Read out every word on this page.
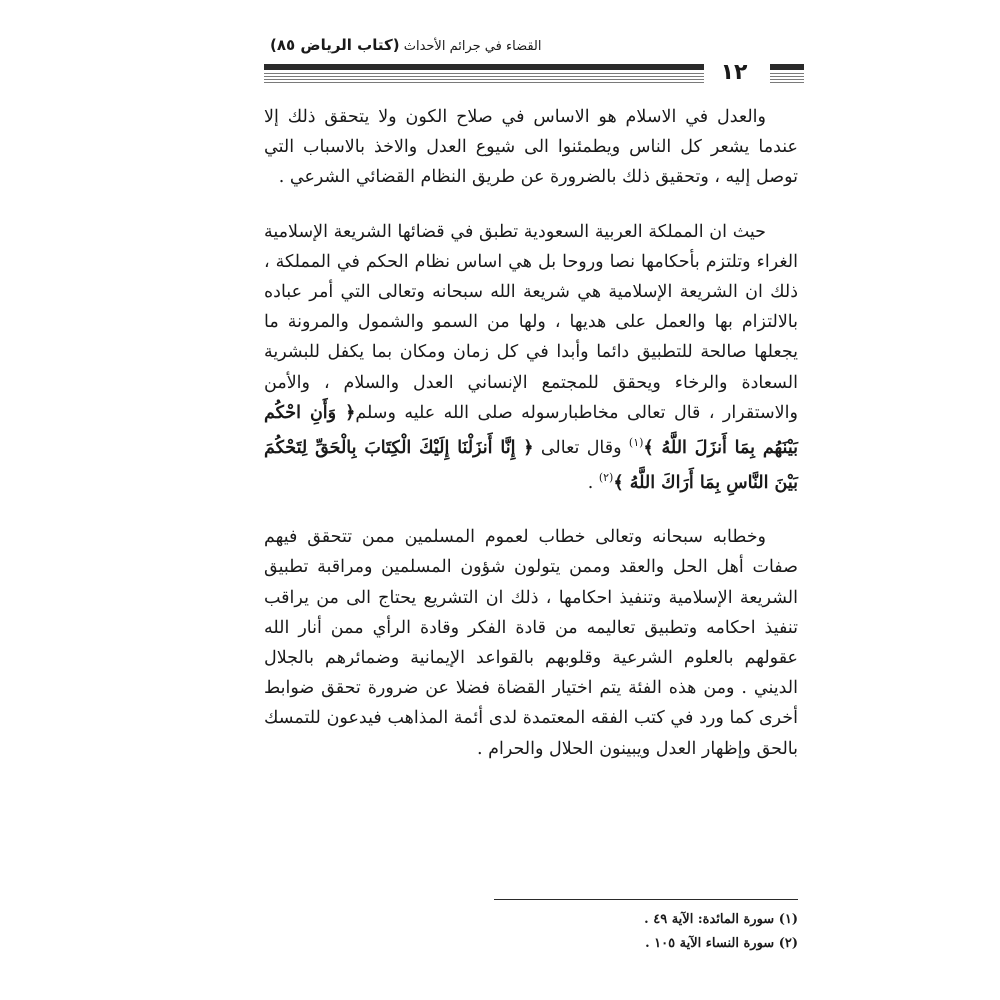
القضاء في جرائم الأحداث (كتاب الرياض ٨٥)
١٢

والعدل في الاسلام هو الاساس في صلاح الكون ولا يتحقق ذلك إلا عندما يشعر كل الناس ويطمئنوا الى شيوع العدل والاخذ بالاسباب التي توصل إليه ، وتحقيق ذلك بالضرورة عن طريق النظام القضائي الشرعي .

حيث ان المملكة العربية السعودية تطبق في قضائها الشريعة الإسلامية الغراء وتلتزم بأحكامها نصا وروحا بل هي اساس نظام الحكم في المملكة ، ذلك ان الشريعة الإسلامية هي شريعة الله سبحانه وتعالى التي أمر عباده بالالتزام بها والعمل على هديها ، ولها من السمو والشمول والمرونة ما يجعلها صالحة للتطبيق دائما وأبدا في كل زمان ومكان بما يكفل للبشرية السعادة والرخاء ويحقق للمجتمع الإنساني العدل والسلام ، والأمن والاستقرار ، قال تعالى مخاطبارسوله صلى الله عليه وسلم﴿ وَأَنِ احْكُم بَيْنَهُم بِمَا أَنزَلَ اللَّهُ ﴾$^{(١)}$ وقال تعالى ﴿ إِنَّا أَنزَلْنَا إِلَيْكَ الْكِتَابَ بِالْحَقِّ لِتَحْكُمَ بَيْنَ النَّاسِ بِمَا أَرَاكَ اللَّهُ ﴾$^{(٢)}$ .

وخطابه سبحانه وتعالى خطاب لعموم المسلمين ممن تتحقق فيهم صفات أهل الحل والعقد وممن يتولون شؤون المسلمين ومراقبة تطبيق الشريعة الإسلامية وتنفيذ احكامها ، ذلك ان التشريع يحتاج الى من يراقب تنفيذ احكامه وتطبيق تعاليمه من قادة الفكر وقادة الرأي ممن أنار الله عقولهم بالعلوم الشرعية وقلوبهم بالقواعد الإيمانية وضمائرهم بالجلال الديني . ومن هذه الفئة يتم اختيار القضاة فضلا عن ضرورة تحقق ضوابط أخرى كما ورد في كتب الفقه المعتمدة لدى أئمة المذاهب فيدعون للتمسك بالحق وإظهار العدل ويبينون الحلال والحرام .

(١) سورة المائدة: الآية ٤٩ .
(٢) سورة النساء الآية ١٠٥ .
